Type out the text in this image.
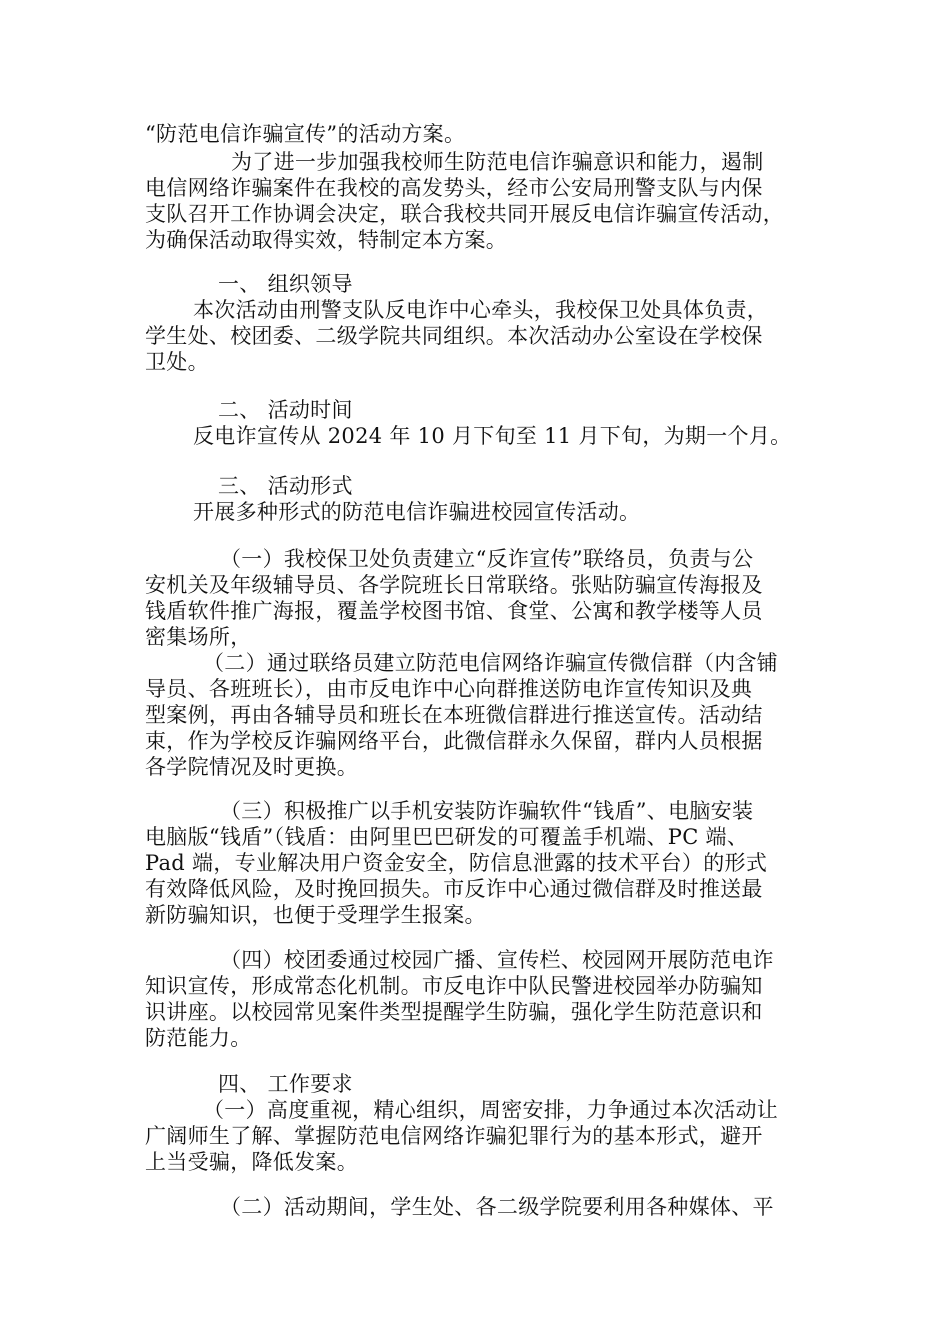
“防范电信诈骗宣传”的活动方案。
为了进一步加强我校师生防范电信诈骗意识和能力，遏制
电信网络诈骗案件在我校的高发势头，经市公安局刑警支队与内保
支队召开工作协调会决定，联合我校共同开展反电信诈骗宣传活动，
为确保活动取得实效，特制定本方案。
一、 组织领导
本次活动由刑警支队反电诈中心牵头，我校保卫处具体负责，
学生处、校团委、二级学院共同组织。本次活动办公室设在学校保
卫处。
二、 活动时间
反电诈宣传从 2024 年 10 月下旬至 11 月下旬，为期一个月。
三、 活动形式
开展多种形式的防范电信诈骗进校园宣传活动。
（一）我校保卫处负责建立“反诈宣传”联络员，负责与公
安机关及年级辅导员、各学院班长日常联络。张贴防骗宣传海报及
钱盾软件推广海报，覆盖学校图书馆、食堂、公寓和教学楼等人员
密集场所，
（二）通过联络员建立防范电信网络诈骗宣传微信群（内含铺
导员、各班班长），由市反电诈中心向群推送防电诈宣传知识及典
型案例，再由各辅导员和班长在本班微信群进行推送宣传。活动结
束，作为学校反诈骗网络平台，此微信群永久保留，群内人员根据
各学院情况及时更换。
（三）积极推广以手机安装防诈骗软件“钱盾”、电脑安装
电脑版“钱盾”（钱盾：由阿里巴巴研发的可覆盖手机端、PC 端、
Pad 端，专业解决用户资金安全，防信息泄露的技术平台）的形式
有效降低风险，及时挽回损失。市反诈中心通过微信群及时推送最
新防骗知识，也便于受理学生报案。
（四）校团委通过校园广播、宣传栏、校园网开展防范电诈
知识宣传，形成常态化机制。市反电诈中队民警进校园举办防骗知
识讲座。以校园常见案件类型提醒学生防骗，强化学生防范意识和
防范能力。
四、 工作要求
（一）高度重视，精心组织，周密安排，力争通过本次活动让
广阔师生了解、掌握防范电信网络诈骗犯罪行为的基本形式，避开
上当受骗，降低发案。
（二）活动期间，学生处、各二级学院要利用各种媒体、平
